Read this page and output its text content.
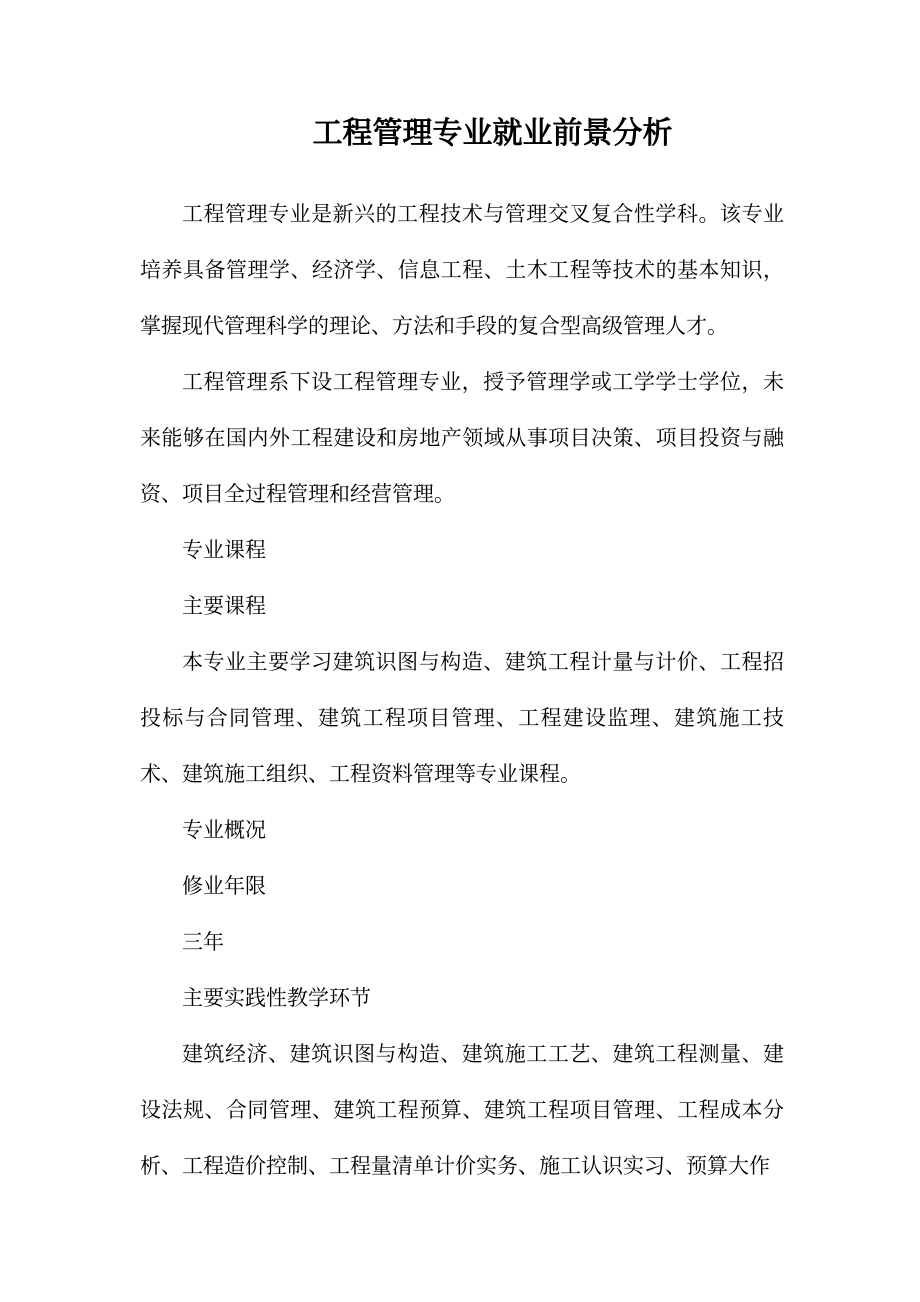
工程管理专业就业前景分析

工程管理专业是新兴的工程技术与管理交叉复合性学科。该专业培养具备管理学、经济学、信息工程、土木工程等技术的基本知识，掌握现代管理科学的理论、方法和手段的复合型高级管理人才。

工程管理系下设工程管理专业，授予管理学或工学学士学位，未来能够在国内外工程建设和房地产领域从事项目决策、项目投资与融资、项目全过程管理和经营管理。

专业课程

主要课程

本专业主要学习建筑识图与构造、建筑工程计量与计价、工程招投标与合同管理、建筑工程项目管理、工程建设监理、建筑施工技术、建筑施工组织、工程资料管理等专业课程。

专业概况

修业年限

三年

主要实践性教学环节

建筑经济、建筑识图与构造、建筑施工工艺、建筑工程测量、建设法规、合同管理、建筑工程预算、建筑工程项目管理、工程成本分析、工程造价控制、工程量清单计价实务、施工认识实习、预算大作
